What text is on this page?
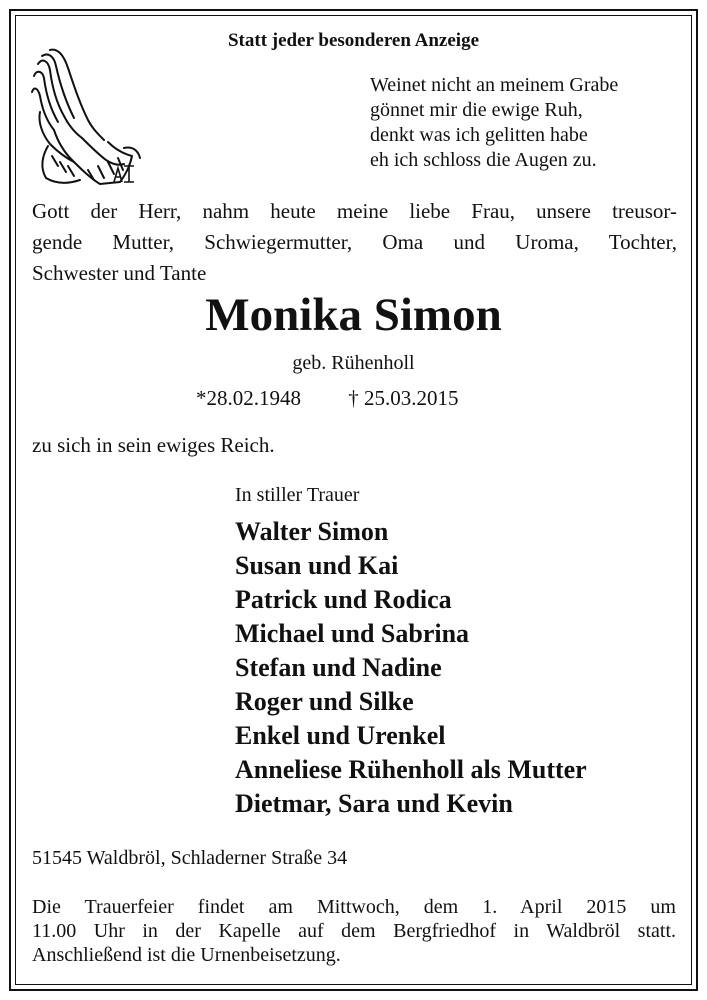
Statt jeder besonderen Anzeige
Weinet nicht an meinem Grabe
gönnet mir die ewige Ruh,
denkt was ich gelitten habe
eh ich schloss die Augen zu.
Gott der Herr, nahm heute meine liebe Frau, unsere treusor-
gende Mutter, Schwiegermutter, Oma und Uroma, Tochter,
Schwester und Tante
Monika Simon
geb. Rühenholl
*28.02.1948 † 25.03.2015
zu sich in sein ewiges Reich.
In stiller Trauer
Walter Simon
Susan und Kai
Patrick und Rodica
Michael und Sabrina
Stefan und Nadine
Roger und Silke
Enkel und Urenkel
Anneliese Rühenholl als Mutter
Dietmar, Sara und Kevin
51545 Waldbröl, Schladerner Straße 34
Die Trauerfeier findet am Mittwoch, dem 1. April 2015 um
11.00 Uhr in der Kapelle auf dem Bergfriedhof in Waldbröl statt.
Anschließend ist die Urnenbeisetzung.
